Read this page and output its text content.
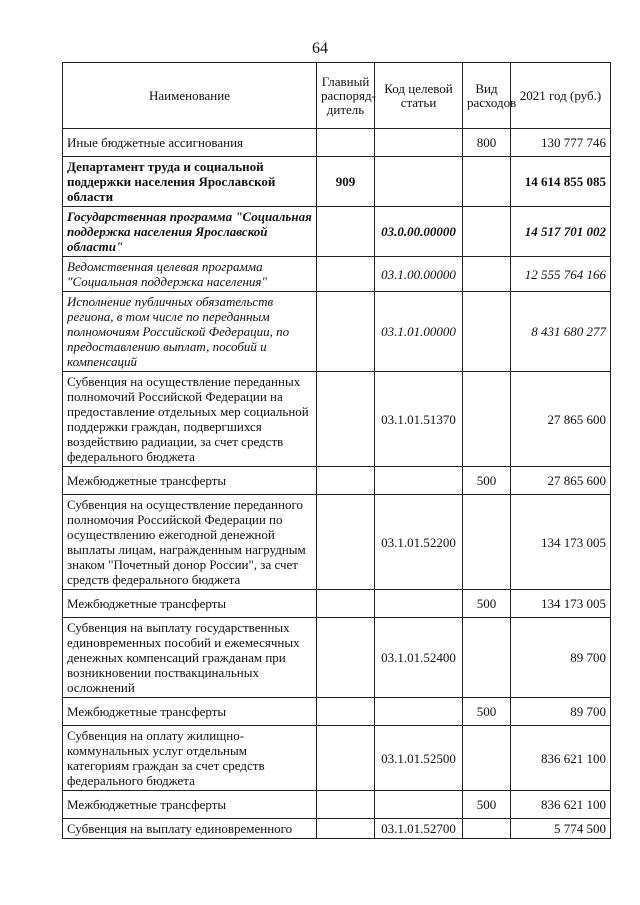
64
Наименование	Главный распоряд-дитель	Код целевой статьи	Вид расходов	2021 год (руб.)
Иные бюджетные ассигнования			800	130 777 746
Департамент труда и социальной поддержки населения Ярославской области	909			14 614 855 085
Государственная программа "Социальная поддержка населения Ярославской области"		03.0.00.00000		14 517 701 002
Ведомственная целевая программа "Социальная поддержка населения"		03.1.00.00000		12 555 764 166
Исполнение публичных обязательств региона, в том числе по переданным полномочиям Российской Федерации, по предоставлению выплат, пособий и компенсаций		03.1.01.00000		8 431 680 277
Субвенция на осуществление переданных полномочий Российской Федерации на предоставление отдельных мер социальной поддержки граждан, подвергшихся воздействию радиации, за счет средств федерального бюджета		03.1.01.51370		27 865 600
Межбюджетные трансферты			500	27 865 600
Субвенция на осуществление переданного полномочия Российской Федерации по осуществлению ежегодной денежной выплаты лицам, награжденным нагрудным знаком "Почетный донор России", за счет средств федерального бюджета		03.1.01.52200		134 173 005
Межбюджетные трансферты			500	134 173 005
Субвенция на выплату государственных единовременных пособий и ежемесячных денежных компенсаций гражданам при возникновении поствакцинальных осложнений		03.1.01.52400		89 700
Межбюджетные трансферты			500	89 700
Субвенция на оплату жилищно-коммунальных услуг отдельным категориям граждан за счет средств федерального бюджета		03.1.01.52500		836 621 100
Межбюджетные трансферты			500	836 621 100
Субвенция на выплату единовременного		03.1.01.52700		5 774 500
